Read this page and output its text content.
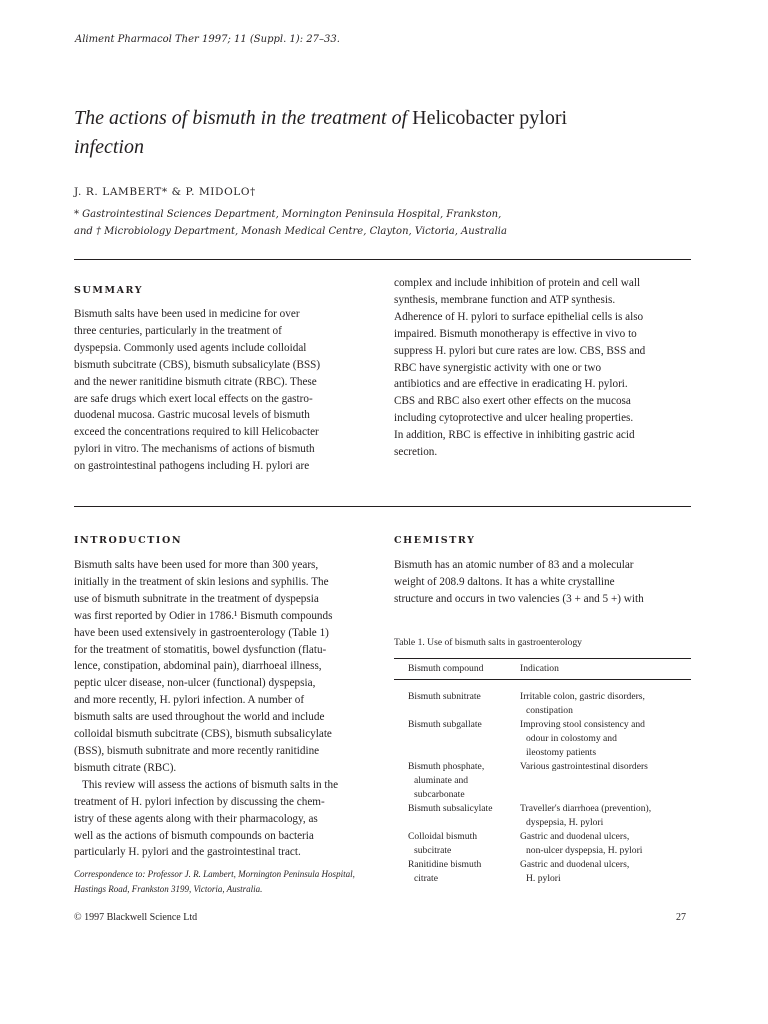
Aliment Pharmacol Ther 1997; 11 (Suppl. 1): 27–33.
The actions of bismuth in the treatment of Helicobacter pylori
infection
J. R. LAMBERT* & P. MIDOLO†
* Gastrointestinal Sciences Department, Mornington Peninsula Hospital, Frankston,
and † Microbiology Department, Monash Medical Centre, Clayton, Victoria, Australia
SUMMARY

Bismuth salts have been used in medicine for over

three centuries, particularly in the treatment of

dyspepsia. Commonly used agents include colloidal

bismuth subcitrate (CBS), bismuth subsalicylate (BSS)

and the newer ranitidine bismuth citrate (RBC). These

are safe drugs which exert local effects on the gastro-

duodenal mucosa. Gastric mucosal levels of bismuth

exceed the concentrations required to kill Helicobacter

pylori in vitro. The mechanisms of actions of bismuth

on gastrointestinal pathogens including H. pylori are

complex and include inhibition of protein and cell wall

synthesis, membrane function and ATP synthesis.

Adherence of H. pylori to surface epithelial cells is also

impaired. Bismuth monotherapy is effective in vivo to

suppress H. pylori but cure rates are low. CBS, BSS and

RBC have synergistic activity with one or two

antibiotics and are effective in eradicating H. pylori.

CBS and RBC also exert other effects on the mucosa

including cytoprotective and ulcer healing properties.

In addition, RBC is effective in inhibiting gastric acid

secretion.

INTRODUCTION

Bismuth salts have been used for more than 300 years,

initially in the treatment of skin lesions and syphilis. The

use of bismuth subnitrate in the treatment of dyspepsia

was first reported by Odier in 1786.¹ Bismuth compounds

have been used extensively in gastroenterology (Table 1)

for the treatment of stomatitis, bowel dysfunction (flatu-

lence, constipation, abdominal pain), diarrhoeal illness,

peptic ulcer disease, non-ulcer (functional) dyspepsia,

and more recently, H. pylori infection. A number of

bismuth salts are used throughout the world and include

colloidal bismuth subcitrate (CBS), bismuth subsalicylate

(BSS), bismuth subnitrate and more recently ranitidine

bismuth citrate (RBC).

This review will assess the actions of bismuth salts in the

treatment of H. pylori infection by discussing the chem-

istry of these agents along with their pharmacology, as

well as the actions of bismuth compounds on bacteria

particularly H. pylori and the gastrointestinal tract.

Correspondence to: Professor J. R. Lambert, Mornington Peninsula Hospital,
Hastings Road, Frankston 3199, Victoria, Australia.
CHEMISTRY

Bismuth has an atomic number of 83 and a molecular

weight of 208.9 daltons. It has a white crystalline

structure and occurs in two valencies (3 + and 5 +) with

Table 1. Use of bismuth salts in gastroenterology
Bismuth compound	Indication

Bismuth subnitrate	Irritable colon, gastric disorders,
constipation

Bismuth subgallate	Improving stool consistency and
odour in colostomy and
ileostomy patients

Bismuth phosphate,
aluminate and
subcarbonate	Various gastrointestinal disorders

Bismuth subsalicylate	Traveller's diarrhoea (prevention),
dyspepsia, H. pylori

Colloidal bismuth
subcitrate	Gastric and duodenal ulcers,
non-ulcer dyspepsia, H. pylori

Ranitidine bismuth
citrate	Gastric and duodenal ulcers,
H. pylori
© 1997 Blackwell Science Ltd	27
